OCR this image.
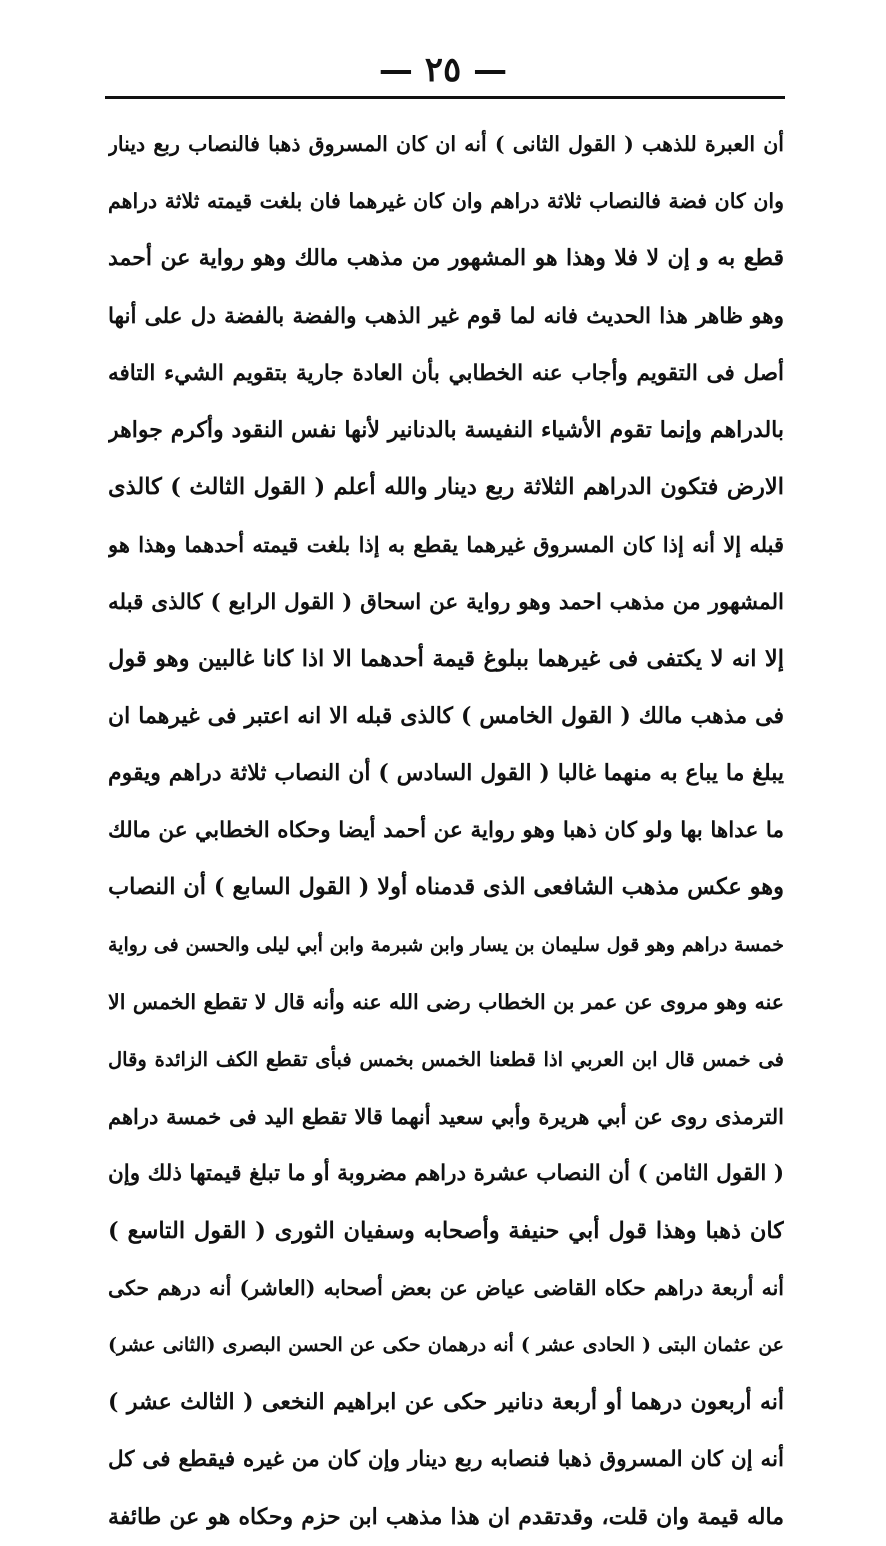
— ٢٥ —
أن العبرة للذهب ( القول الثانى ) أنه ان كان المسروق ذهبا فالنصاب ربع دينار
وان كان فضة فالنصاب ثلاثة دراهم وان كان غيرهما فان بلغت قيمته ثلاثة دراهم
قطع به و إن لا فلا وهذا هو المشهور من مذهب مالك وهو رواية عن أحمد
وهو ظاهر هذا الحديث فانه لما قوم غير الذهب والفضة بالفضة دل على أنها
أصل فى التقويم وأجاب عنه الخطابي بأن العادة جارية بتقويم الشيء التافه
بالدراهم وإنما تقوم الأشياء النفيسة بالدنانير لأنها نفس النقود وأكرم جواهر
الارض فتكون الدراهم الثلاثة ربع دينار والله أعلم ( القول الثالث ) كالذى
قبله إلا أنه إذا كان المسروق غيرهما يقطع به إذا بلغت قيمته أحدهما وهذا هو
المشهور من مذهب احمد وهو رواية عن اسحاق ( القول الرابع ) كالذى قبله
إلا انه لا يكتفى فى غيرهما ببلوغ قيمة أحدهما الا اذا كانا غالبين وهو قول
فى مذهب مالك ( القول الخامس ) كالذى قبله الا انه اعتبر فى غيرهما ان
يبلغ ما يباع به منهما غالبا ( القول السادس ) أن النصاب ثلاثة دراهم ويقوم
ما عداها بها ولو كان ذهبا وهو رواية عن أحمد أيضا وحكاه الخطابي عن مالك
وهو عكس مذهب الشافعى الذى قدمناه أولا ( القول السابع ) أن النصاب
خمسة دراهم وهو قول سليمان بن يسار وابن شبرمة وابن أبي ليلى والحسن فى رواية
عنه وهو مروى عن عمر بن الخطاب رضى الله عنه وأنه قال لا تقطع الخمس الا
فى خمس قال ابن العربي اذا قطعنا الخمس بخمس فبأى تقطع الكف الزائدة وقال
الترمذى روى عن أبي هريرة وأبي سعيد أنهما قالا تقطع اليد فى خمسة دراهم
( القول الثامن ) أن النصاب عشرة دراهم مضروبة أو ما تبلغ قيمتها ذلك وإن
كان ذهبا وهذا قول أبي حنيفة وأصحابه وسفيان الثورى ( القول التاسع )
أنه أربعة دراهم حكاه القاضى عياض عن بعض أصحابه (العاشر) أنه درهم حكى
عن عثمان البتى ( الحادى عشر ) أنه درهمان حكى عن الحسن البصرى (الثانى عشر)
أنه أربعون درهما أو أربعة دنانير حكى عن ابراهيم النخعى ( الثالث عشر )
أنه إن كان المسروق ذهبا فنصابه ربع دينار وإن كان من غيره فيقطع فى كل
ماله قيمة وان قلت، وقدتقدم ان هذا مذهب ابن حزم وحكاه هو عن طائفة
